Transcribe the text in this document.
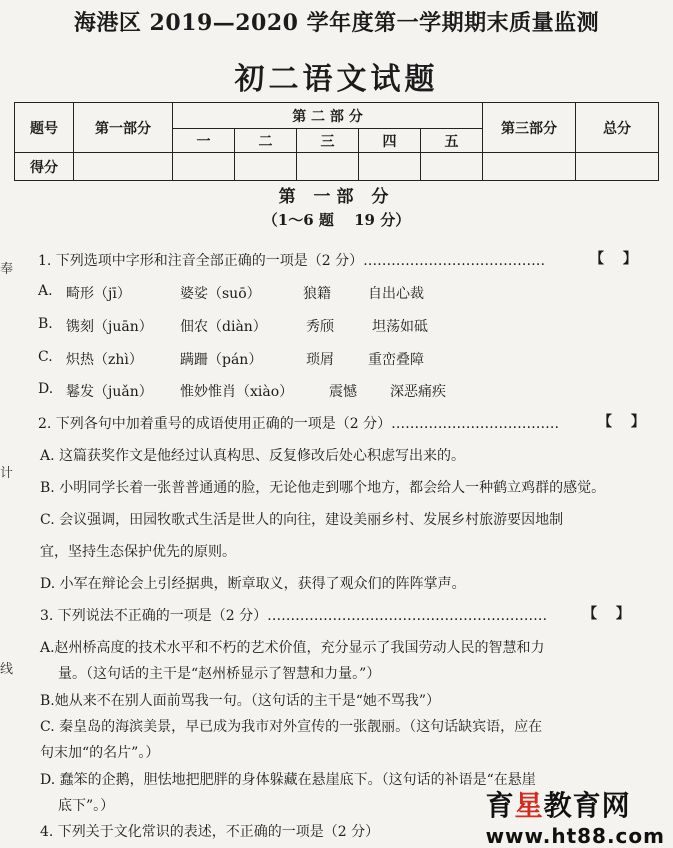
海港区 2019—2020 学年度第一学期期末质量监测
初二语文试题
题号	第一部分	第 二 部 分					第三部分	总分
		一	二	三	四	五		
得分								
第 一部 分
（1～6 题　 19 分）
奉
计
线
1. 下列选项中字形和注音全部正确的一项是（2 分）…………………………………	【　 】
A. 畸形（jī）	婆娑（suō）	狼籍	自出心裁
B. 镌刻（juān） 佃农（diàn）	秀颀	坦荡如砥
C. 炽热（zhì）	蹒跚（pán）	琐屑 重峦叠障
D. 鬈发（juǎn） 惟妙惟肖（xiào）	震憾 深恶痛疾
2. 下列各句中加着重号的成语使用正确的一项是（2 分）………………………………	【　 】
A. 这篇获奖作文是他经过认真构思、反复修改后处心积虑写出来的。
B. 小明同学长着一张普普通通的脸，无论他走到哪个地方，都会给人一种鹤立鸡群的感觉。
C. 会议强调，田园牧歌式生活是世人的向往，建设美丽乡村、发展乡村旅游要因地制
宜，坚持生态保护优先的原则。
D. 小军在辩论会上引经据典，断章取义，获得了观众们的阵阵掌声。
3. 下列说法不正确的一项是（2 分）……………………………………………………	【　 】
A.赵州桥高度的技术水平和不朽的艺术价值，充分显示了我国劳动人民的智慧和力
量。（这句话的主干是“赵州桥显示了智慧和力量。”）
B.她从来不在别人面前骂我一句。（这句话的主干是“她不骂我”）
C. 秦皇岛的海滨美景，早已成为我市对外宣传的一张靓丽。（这句话缺宾语，应在
句末加“的名片”。）
D. 蠢笨的企鹅，胆怯地把肥胖的身体躲藏在悬崖底下。（这句话的补语是“在悬崖
底下”。）
4. 下列关于文化常识的表述，不正确的一项是（2 分）
育星教育网
www.ht88.com
